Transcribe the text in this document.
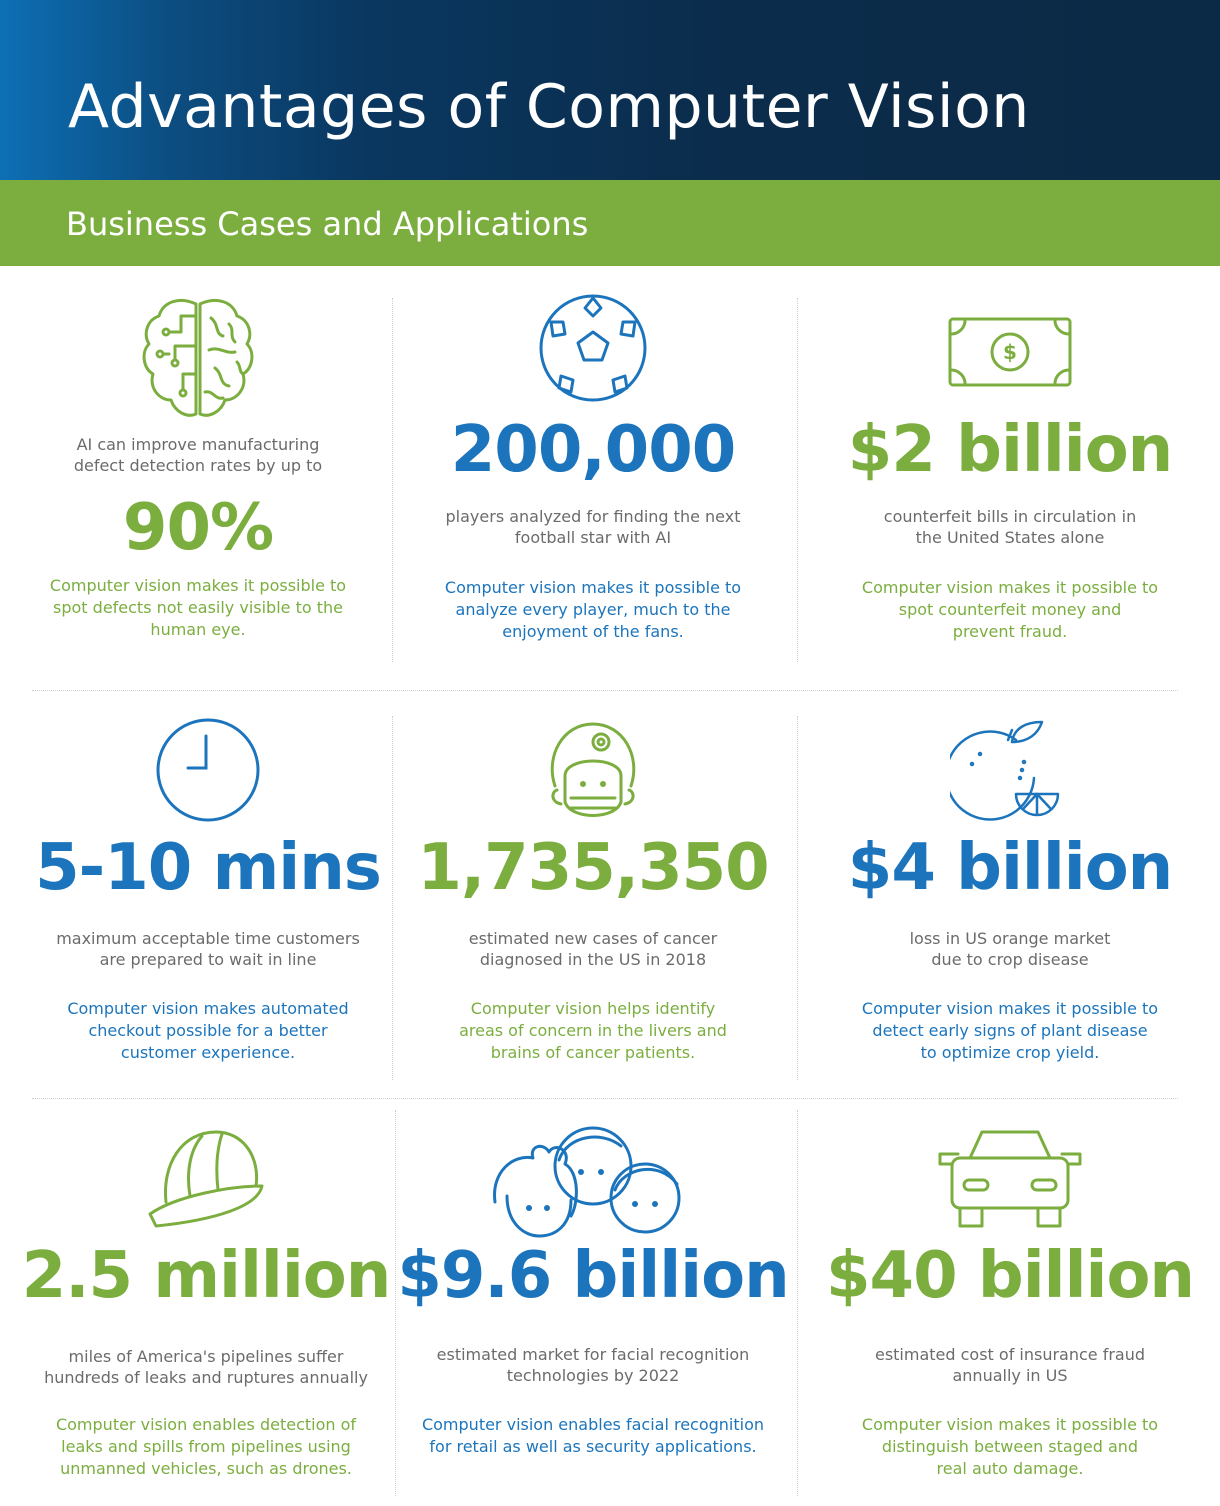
Advantages of Computer Vision
Business Cases and Applications
AI can improve manufacturing
defect detection rates by up to
90%
Computer vision makes it possible to
spot defects not easily visible to the
human eye.
200,000
players analyzed for finding the next
football star with AI
Computer vision makes it possible to
analyze every player, much to the
enjoyment of the fans.
$
$2 billion
counterfeit bills in circulation in
the United States alone
Computer vision makes it possible to
spot counterfeit money and
prevent fraud.
5-10 mins
maximum acceptable time customers
are prepared to wait in line
Computer vision makes automated
checkout possible for a better
customer experience.
1,735,350
estimated new cases of cancer
diagnosed in the US in 2018
Computer vision helps identify
areas of concern in the livers and
brains of cancer patients.
$4 billion
loss in US orange market
due to crop disease
Computer vision makes it possible to
detect early signs of plant disease
to optimize crop yield.
2.5 million
miles of America's pipelines suffer
hundreds of leaks and ruptures annually
Computer vision enables detection of
leaks and spills from pipelines using
unmanned vehicles, such as drones.
$9.6 billion
estimated market for facial recognition
technologies by 2022
Computer vision enables facial recognition
for retail as well as security applications.
$40 billion
estimated cost of insurance fraud
annually in US
Computer vision makes it possible to
distinguish between staged and
real auto damage.
